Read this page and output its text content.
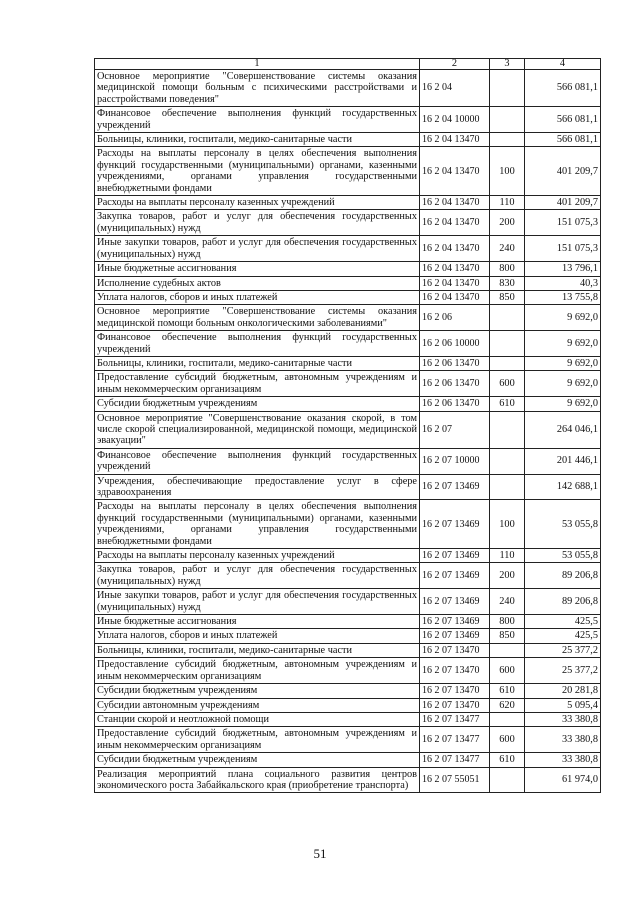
1	2	3	4
Основное мероприятие "Совершенствование системы оказания медицинской помощи больным с психическими расстройствами и расстройствами поведения"	16 2 04		566 081,1
Финансовое обеспечение выполнения функций государственных учреждений	16 2 04 10000		566 081,1
Больницы, клиники, госпитали, медико-санитарные части	16 2 04 13470		566 081,1
Расходы на выплаты персоналу в целях обеспечения выполнения функций государственными (муниципальными) органами, казенными учреждениями, органами управления государственными внебюджетными фондами	16 2 04 13470	100	401 209,7
Расходы на выплаты персоналу казенных учреждений	16 2 04 13470	110	401 209,7
Закупка товаров, работ и услуг для обеспечения государственных (муниципальных) нужд	16 2 04 13470	200	151 075,3
Иные закупки товаров, работ и услуг для обеспечения государственных (муниципальных) нужд	16 2 04 13470	240	151 075,3
Иные бюджетные ассигнования	16 2 04 13470	800	13 796,1
Исполнение судебных актов	16 2 04 13470	830	40,3
Уплата налогов, сборов и иных платежей	16 2 04 13470	850	13 755,8
Основное мероприятие "Совершенствование системы оказания медицинской помощи больным онкологическими заболеваниями"	16 2 06		9 692,0
Финансовое обеспечение выполнения функций государственных учреждений	16 2 06 10000		9 692,0
Больницы, клиники, госпитали, медико-санитарные части	16 2 06 13470		9 692,0
Предоставление субсидий бюджетным, автономным учреждениям и иным некоммерческим организациям	16 2 06 13470	600	9 692,0
Субсидии бюджетным учреждениям	16 2 06 13470	610	9 692,0
Основное мероприятие "Совершенствование оказания скорой, в том числе скорой специализированной, медицинской помощи, медицинской эвакуации"	16 2 07		264 046,1
Финансовое обеспечение выполнения функций государственных учреждений	16 2 07 10000		201 446,1
Учреждения, обеспечивающие предоставление услуг в сфере здравоохранения	16 2 07 13469		142 688,1
Расходы на выплаты персоналу в целях обеспечения выполнения функций государственными (муниципальными) органами, казенными учреждениями, органами управления государственными внебюджетными фондами	16 2 07 13469	100	53 055,8
Расходы на выплаты персоналу казенных учреждений	16 2 07 13469	110	53 055,8
Закупка товаров, работ и услуг для обеспечения государственных (муниципальных) нужд	16 2 07 13469	200	89 206,8
Иные закупки товаров, работ и услуг для обеспечения государственных (муниципальных) нужд	16 2 07 13469	240	89 206,8
Иные бюджетные ассигнования	16 2 07 13469	800	425,5
Уплата налогов, сборов и иных платежей	16 2 07 13469	850	425,5
Больницы, клиники, госпитали, медико-санитарные части	16 2 07 13470		25 377,2
Предоставление субсидий бюджетным, автономным учреждениям и иным некоммерческим организациям	16 2 07 13470	600	25 377,2
Субсидии бюджетным учреждениям	16 2 07 13470	610	20 281,8
Субсидии автономным учреждениям	16 2 07 13470	620	5 095,4
Станции скорой и неотложной помощи	16 2 07 13477		33 380,8
Предоставление субсидий бюджетным, автономным учреждениям и иным некоммерческим организациям	16 2 07 13477	600	33 380,8
Субсидии бюджетным учреждениям	16 2 07 13477	610	33 380,8
Реализация мероприятий плана социального развития центров экономического роста Забайкальского края (приобретение транспорта)	16 2 07 55051		61 974,0
51
